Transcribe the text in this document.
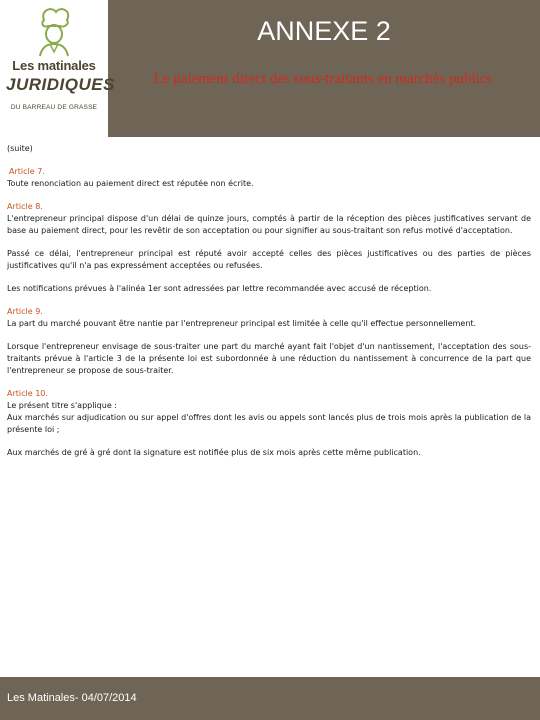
Les matinales
JURIDIQUES
DU BARREAU DE GRASSE
ANNEXE 2
Le paiement direct des sous-traitants en marchés publics

(suite)

Article 7.

Toute renonciation au paiement direct est réputée non écrite.

Article 8.

L'entrepreneur principal dispose d'un délai de quinze jours, comptés à partir de la réception des pièces justificatives servant de base au paiement direct, pour les revêtir de son acceptation ou pour signifier au sous-traitant son refus motivé d'acceptation.

Passé ce délai, l'entrepreneur principal est réputé avoir accepté celles des pièces justificatives ou des parties de pièces justificatives qu'il n'a pas expressément acceptées ou refusées.

Les notifications prévues à l'alinéa 1er sont adressées par lettre recommandée avec accusé de réception.

Article 9.

La part du marché pouvant être nantie par l'entrepreneur principal est limitée à celle qu'il effectue personnellement.

Lorsque l'entrepreneur envisage de sous-traiter une part du marché ayant fait l'objet d'un nantissement, l'acceptation des sous-traitants prévue à l'article 3 de la présente loi est subordonnée à une réduction du nantissement à concurrence de la part que l'entrepreneur se propose de sous-traiter.

Article 10.

Le présent titre s'applique :

Aux marchés sur adjudication ou sur appel d'offres dont les avis ou appels sont lancés plus de trois mois après la publication de la présente loi ;

Aux marchés de gré à gré dont la signature est notifiée plus de six mois après cette même publication.

Les Matinales- 04/07/2014
